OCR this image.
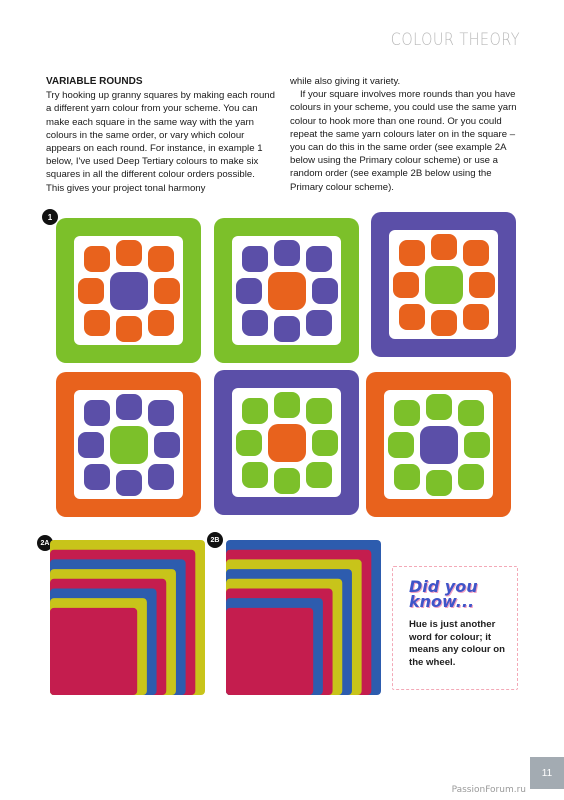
COLOUR THEORY
VARIABLE ROUNDS

Try hooking up granny squares by making each round a different yarn colour from your scheme. You can make each square in the same way with the yarn colours in the same order, or vary which colour appears on each round. For instance, in example 1 below, I've used Deep Tertiary colours to make six squares in all the different colour orders possible. This gives your project tonal harmony

while also giving it variety.

If your square involves more rounds than you have colours in your scheme, you could use the same yarn colour to hook more than one round. Or you could repeat the same yarn colours later on in the square – you can do this in the same order (see example 2A below using the Primary colour scheme) or use a random order (see example 2B below using the Primary colour scheme).

1
2A	2B
Did you
know...
Hue is just another word for colour; it means any colour on the wheel.
11
PassionForum.ru
